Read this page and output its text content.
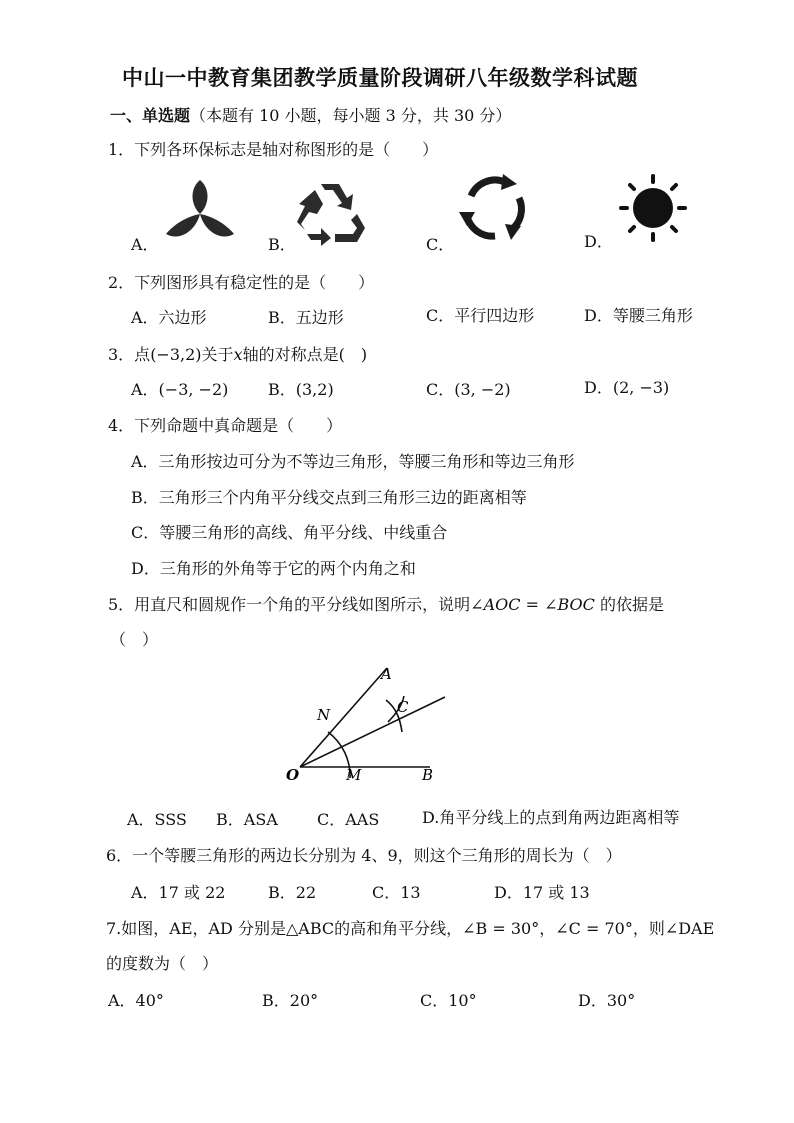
中山一中教育集团教学质量阶段调研八年级数学科试题
一、单选题（本题有 10 小题，每小题 3 分，共 30 分）
1．下列各环保标志是轴对称图形的是（　　）
A．	B．	C．	D．
2．下列图形具有稳定性的是（　　）
A．六边形	B．五边形	C．平行四边形	D．等腰三角形
3．点(−3,2)关于x轴的对称点是(　)
A．(−3, −2) B．(3,2)	C．(3, −2)	D．(2, −3)
4．下列命题中真命题是（　　）
A．三角形按边可分为不等边三角形，等腰三角形和等边三角形
B．三角形三个内角平分线交点到三角形三边的距离相等
C．等腰三角形的高线、角平分线、中线重合
D．三角形的外角等于它的两个内角之和
5．用直尺和圆规作一个角的平分线如图所示，说明∠AOC = ∠BOC 的依据是
（　）
A
N	C
O	M	B
A．SSS B．ASA C．AAS	D.角平分线上的点到角两边距离相等
6．一个等腰三角形的两边长分别为 4、9，则这个三角形的周长为（　）
A．17 或 22	B．22	C．13	D．17 或 13
7.如图，AE，AD 分别是△ABC的高和角平分线，∠B = 30°，∠C = 70°，则∠DAE
的度数为（　）
A．40°	B．20°	C．10°	D．30°
